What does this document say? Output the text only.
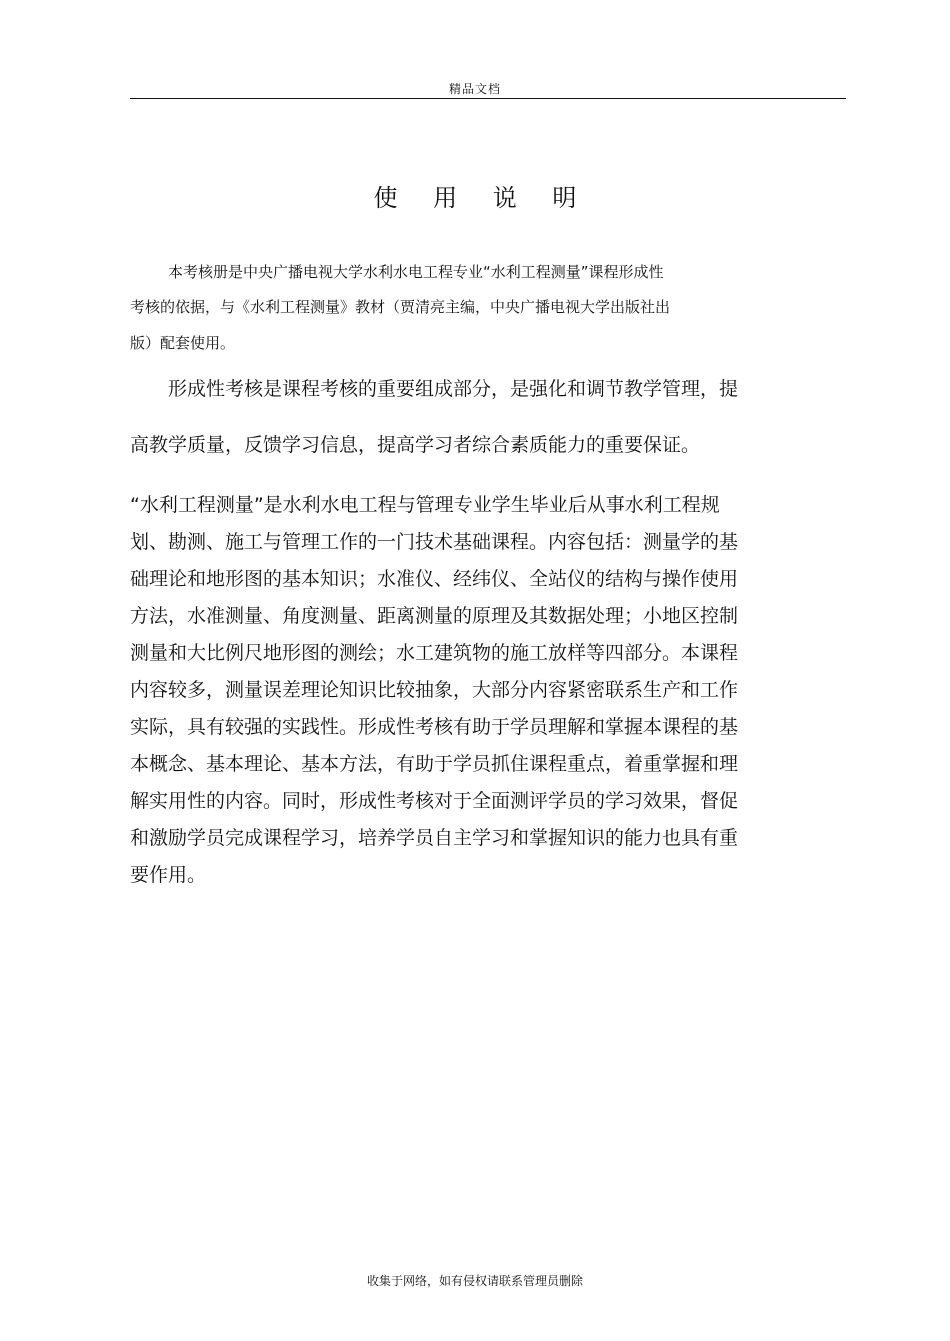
精品文档
使 用 说 明
本考核册是中央广播电视大学水利水电工程专业“水利工程测量”课程形成性
考核的依据，与《水利工程测量》教材（贾清亮主编，中央广播电视大学出版社出
版）配套使用。
形成性考核是课程考核的重要组成部分，是强化和调节教学管理，提
高教学质量，反馈学习信息，提高学习者综合素质能力的重要保证。
“水利工程测量”是水利水电工程与管理专业学生毕业后从事水利工程规
划、勘测、施工与管理工作的一门技术基础课程。内容包括：测量学的基
础理论和地形图的基本知识；水准仪、经纬仪、全站仪的结构与操作使用
方法，水准测量、角度测量、距离测量的原理及其数据处理；小地区控制
测量和大比例尺地形图的测绘；水工建筑物的施工放样等四部分。本课程
内容较多，测量误差理论知识比较抽象，大部分内容紧密联系生产和工作
实际，具有较强的实践性。形成性考核有助于学员理解和掌握本课程的基
本概念、基本理论、基本方法，有助于学员抓住课程重点，着重掌握和理
解实用性的内容。同时，形成性考核对于全面测评学员的学习效果，督促
和激励学员完成课程学习，培养学员自主学习和掌握知识的能力也具有重
要作用。
收集于网络，如有侵权请联系管理员删除
